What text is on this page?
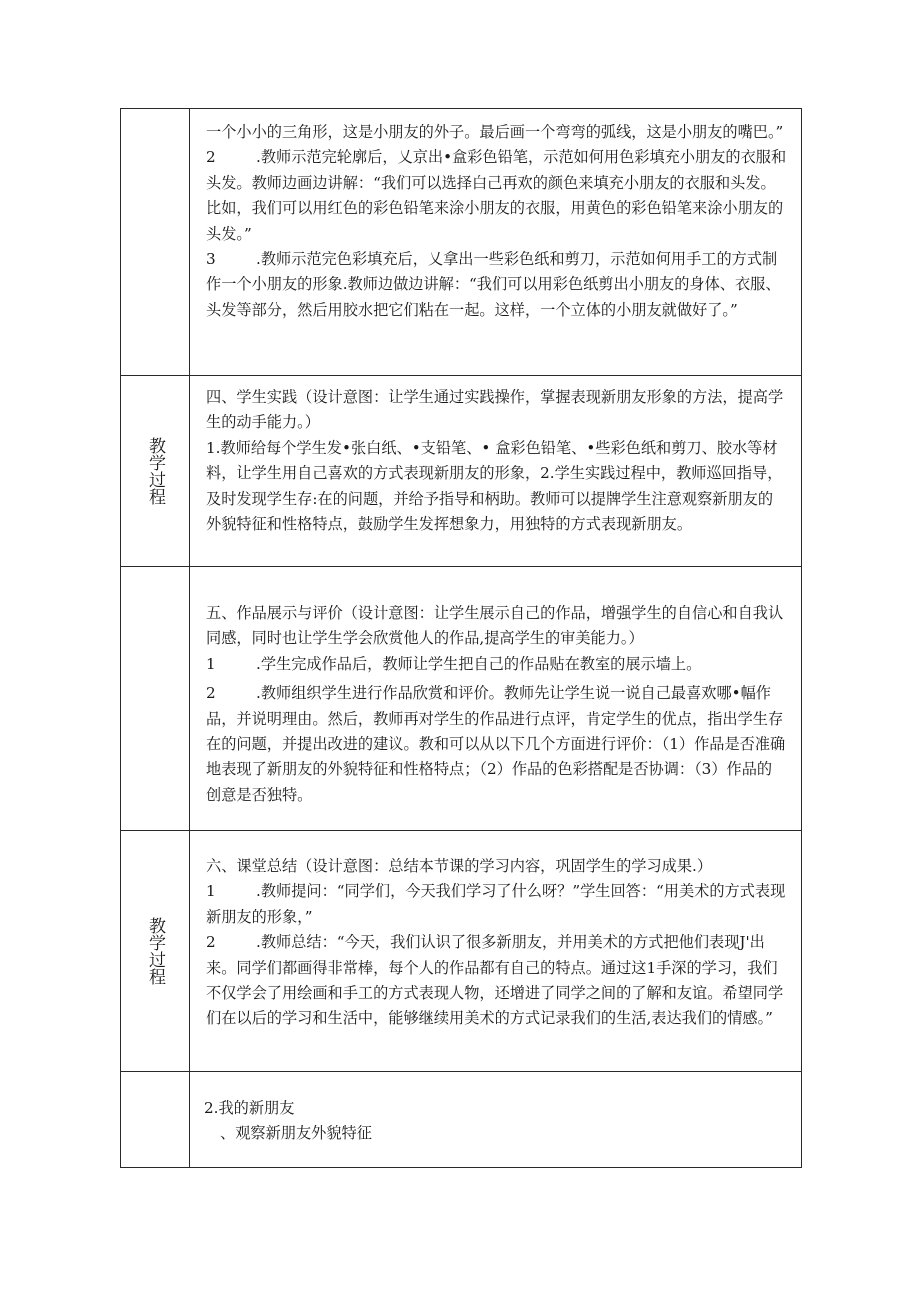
	一个小小的三角形，这是小朋友的外子。最后画一个弯弯的弧线，这是小朋友的嘴巴。”

2 .教师示范完轮廓后，乂京出•盒彩色铅笔，示范如何用色彩填充小朋友的衣服和头发。教师边画边讲解：“我们可以选择白己再欢的颜色来填充小朋友的衣服和头发。比如，我们可以用红色的彩色铅笔来涂小朋友的衣服，用黄色的彩色铅笔来涂小朋友的头发。”

3 .教师示范完色彩填充后，乂拿出一些彩色纸和剪刀，示范如何用手工的方式制作一个小朋友的形象.教师边做边讲解：“我们可以用彩色纸剪出小朋友的身体、衣服、头发等部分，然后用胶水把它们粘在一起。这样，一个立体的小朋友就做好了。”

教学过程	四、学生实践（设计意图：让学生通过实践操作，掌握表现新朋友形象的方法，提高学生的动手能力。）

1.教师给每个学生发•张白纸、•支铅笔、• 盒彩色铅笔、•些彩色纸和剪刀、胶水等材料，让学生用自己喜欢的方式表现新朋友的形象，2.学生实践过程中，教师巡回指导，及时发现学生存:在的问题，并给予指导和柄助。教师可以提牌学生注意观察新朋友的外貌特征和性格特点，鼓励学生发挥想象力，用独特的方式表现新朋友。

	五、作品展示与评价（设计意图：让学生展示自己的作品，增强学生的自信心和自我认同感，同时也让学生学会欣赏他人的作品,提高学生的审美能力。）

1 .学生完成作品后，教师让学生把自己的作品贴在教室的展示墙上。

2 .教师组织学生进行作品欣赏和评价。教师先让学生说一说自己最喜欢哪•幅作品，并说明理由。然后，教师再对学生的作品进行点评，肯定学生的优点，指出学生存在的问题，并提出改进的建议。教和可以从以下几个方面进行评价：（1）作品是否准确地表现了新朋友的外貌特征和性格特点；（2）作品的色彩搭配是否协调：（3）作品的创意是否独特。

教学过程	六、课堂总结（设计意图：总结本节课的学习内容，巩固学生的学习成果.）

1 .教师提问：“同学们，今天我们学习了什么呀？”学生回答：“用美术的方式表现新朋友的形象，”

2 .教师总结：“今天，我们认识了很多新朋友，并用美术的方式把他们表现J'出来。同学们都画得非常棒，每个人的作品都有自己的特点。通过这1手深的学习，我们不仅学会了用绘画和手工的方式表现人物，还增进了同学之间的了解和友谊。希望同学们在以后的学习和生活中，能够继续用美术的方式记录我们的生活,表达我们的情感。”

	2.我的新朋友

、观察新朋友外貌特征
